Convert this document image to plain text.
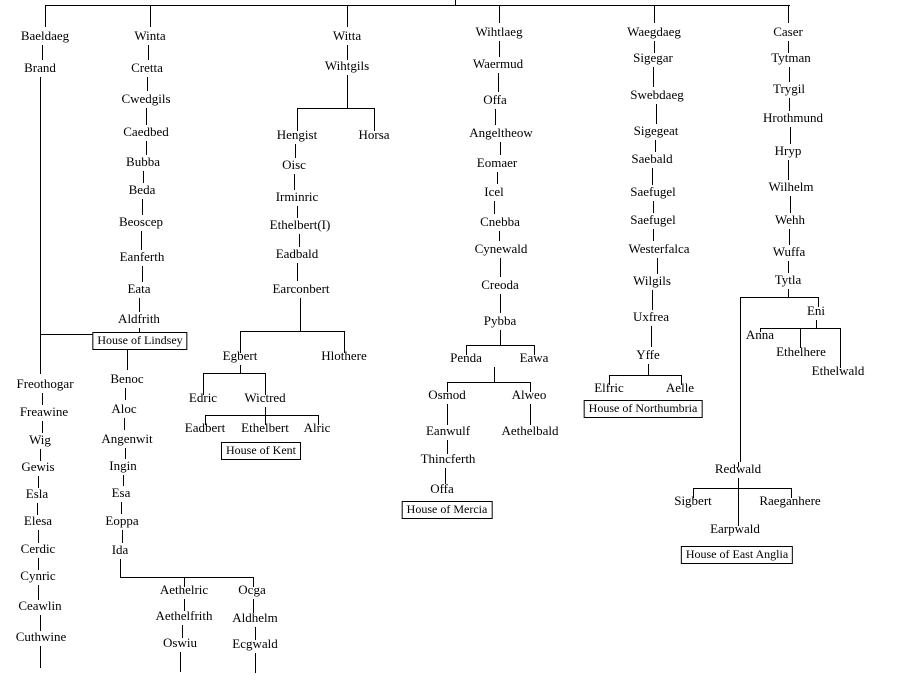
Baeldaeg
Brand
Freothogar
Freawine
Wig
Gewis
Esla
Elesa
Cerdic
Cynric
Ceawlin
Cuthwine
Winta
Cretta
Cwedgils
Caedbed
Bubba
Beda
Beoscep
Eanferth
Eata
Aldfrith
Benoc
Aloc
Angenwit
Ingin
Esa
Eoppa
Ida
Aethelric
Aethelfrith
Oswiu
Ocga
Aldhelm
Ecgwald
Witta
Wihtgils
Hengist	Horsa
Oisc
Irminric
Ethelbert(I)
Eadbald
Earconbert
Egbert	Hlothere
Edric Wictred
Eadbert Ethelbert Alric
Wihtlaeg
Waermud
Offa
Angeltheow
Eomaer
Icel
Cnebba
Cynewald
Creoda
Pybba
Penda	Eawa
Osmod	Alweo
Eanwulf Aethelbald
Thincferth
Offa
Waegdaeg
Sigegar
Swebdaeg
Sigegeat
Saebald
Saefugel
Saefugel
Westerfalca
Wilgils
Uxfrea
Yffe
Elfric	Aelle
Caser
Tytman
Trygil
Hrothmund
Hryp
Wilhelm
Wehh
Wuffa
Tytla
Eni
Anna
Ethelhere
Ethelwald
Redwald
Sigbert	Raeganhere
Earpwald
House of Lindsey
House of Kent
House of Mercia
House of Northumbria
House of East Anglia
